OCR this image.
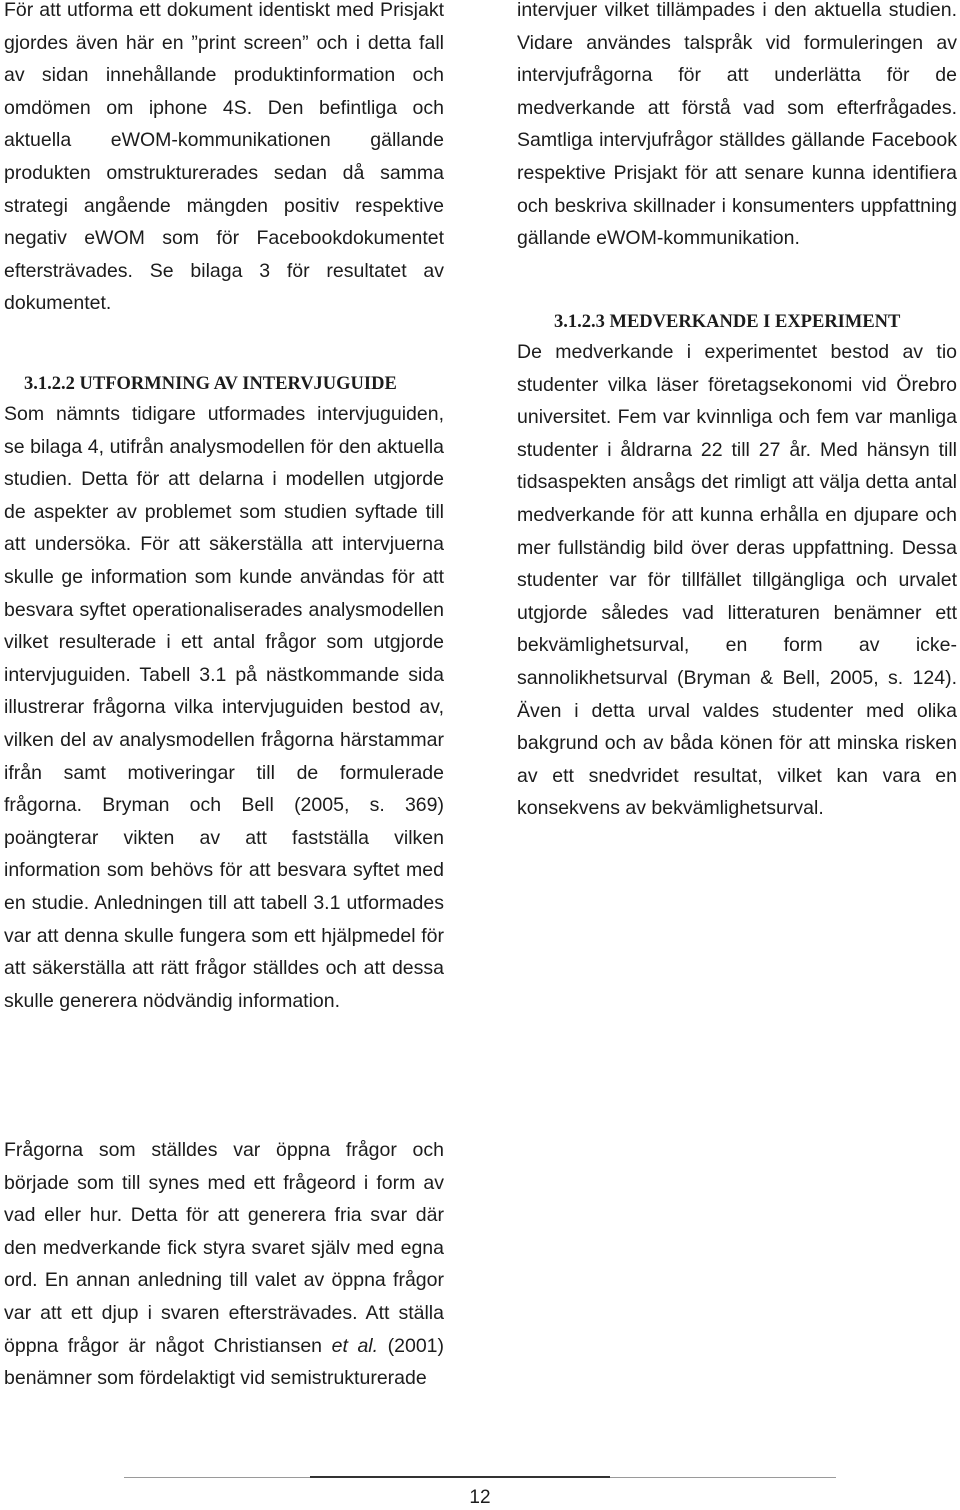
För att utforma ett dokument identiskt med Prisjakt gjordes även här en ”print screen” och i detta fall av sidan innehållande produktinformation och omdömen om iphone 4S. Den befintliga och aktuella eWOM-kommunikationen gällande produkten omstrukturerades sedan då samma strategi angående mängden positiv respektive negativ eWOM som för Facebookdokumentet eftersträvades. Se bilaga 3 för resultatet av dokumentet.

3.1.2.2 UTFORMNING AV INTERVJUGUIDE

Som nämnts tidigare utformades intervjuguiden, se bilaga 4, utifrån analysmodellen för den aktuella studien. Detta för att delarna i modellen utgjorde de aspekter av problemet som studien syftade till att undersöka. För att säkerställa att intervjuerna skulle ge information som kunde användas för att besvara syftet operationaliserades analysmodellen vilket resulterade i ett antal frågor som utgjorde intervjuguiden. Tabell 3.1 på nästkommande sida illustrerar frågorna vilka intervjuguiden bestod av, vilken del av analysmodellen frågorna härstammar ifrån samt motiveringar till de formulerade frågorna. Bryman och Bell (2005, s. 369) poängterar vikten av att fastställa vilken information som behövs för att besvara syftet med en studie. Anledningen till att tabell 3.1 utformades var att denna skulle fungera som ett hjälpmedel för att säkerställa att rätt frågor ställdes och att dessa skulle generera nödvändig information.

Frågorna som ställdes var öppna frågor och började som till synes med ett frågeord i form av vad eller hur. Detta för att generera fria svar där den medverkande fick styra svaret själv med egna ord. En annan anledning till valet av öppna frågor var att ett djup i svaren eftersträvades. Att ställa öppna frågor är något Christiansen et al. (2001) benämner som fördelaktigt vid semistrukturerade

intervjuer vilket tillämpades i den aktuella studien. Vidare användes talspråk vid formuleringen av intervjufrågorna för att underlätta för de medverkande att förstå vad som efterfrågades. Samtliga intervjufrågor ställdes gällande Facebook respektive Prisjakt för att senare kunna identifiera och beskriva skillnader i konsumenters uppfattning gällande eWOM-kommunikation.

3.1.2.3 MEDVERKANDE I EXPERIMENT

De medverkande i experimentet bestod av tio studenter vilka läser företagsekonomi vid Örebro universitet. Fem var kvinnliga och fem var manliga studenter i åldrarna 22 till 27 år. Med hänsyn till tidsaspekten ansågs det rimligt att välja detta antal medverkande för att kunna erhålla en djupare och mer fullständig bild över deras uppfattning. Dessa studenter var för tillfället tillgängliga och urvalet utgjorde således vad litteraturen benämner ett bekvämlighetsurval, en form av icke-sannolikhetsurval (Bryman & Bell, 2005, s. 124). Även i detta urval valdes studenter med olika bakgrund och av båda könen för att minska risken av ett snedvridet resultat, vilket kan vara en konsekvens av bekvämlighetsurval.

12
